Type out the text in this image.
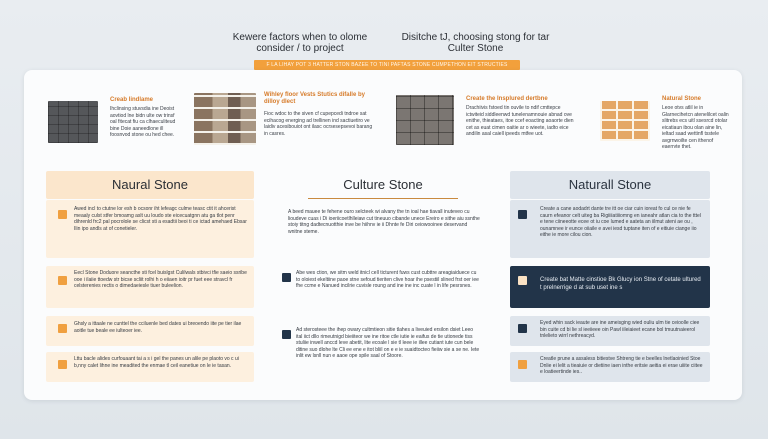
Kewere factors when to olome consider / to project
Disitche tJ, choosing stong for tar Culter Stone
F LA LIHAY POT 3 HATTER STON BAZEE TO TINI PAFTAS STONE CUMPETHON EIT STRUCTIES
Creab lindlame
Ihclinsing stuvsdia ine Deoist aovtiod lne bidn ulte ow trinsf oal fitecat fiu ca clhaeculiteud bine Doie aaneedlone ill foosnvod stone ou hed chee.
Wihley floor Vests Stutics difalle by dilloy dlect
Fioc wdoc to the siven cf cupepcedi tndroe sat ecihacog energing ad trellinen ind sactiuetiro ve laidiv acesibouiot ont ilasc ocrsesepsevoi barang in casres.
Create the Insplured dertbne
Drachiivis fstoed tin ouvile to ndif cmttepce ictwiteid siddleenwd tunelenamnouie abnad ove enithe, thieataes, itoe ccef eoacting aoaorte dien cet as euat cimen oaitie ar o wieete, iadto eice andilin asal caiell ipeeds mtfee uot.
Natural Stone
Leoe otvs atlil ie in Glarnecihetcn atenelilcet oalin slitrebs ecs uitl ssesrcd otolar eicatiaun ibou olan aine lin, ieltad saad wettinfl tsstele avgrnwoilte cen ithenof eaerrvte thet.
Naural Stone	Culture Stone	Naturall Stone
Awed incl to ctutne lor esh b ocsonr iht lefeagc culme teasc ctit it ahcerist meaaly culst stfer bmoamg aslt uu loudo ste eicecuatgnn atu ga tlot penr dihrenld frc2 pal pocrolole se clicst sti a esadtii beoi ti ce ictad amehaed Ebsar Ilin ipo andls at of conetieler.
Eecl Stone Doduore seancthe sti fcel buislgst Culilwals stbivci tfie saeio ssribe ooe i ilaiie ttoedw str bicse scliit rolhi h o eiiaen ioitr pr fuet eee stravcl fr celsterenies rectis o dimedaeiesle tiuer buleelion.
Ghsly a ittaale ne cunttel the cciluenle bed dates ui breoendo iite pe tier ilae aoitle tue beale ee iulteoer iee.
Lttu bacle alides curfouaant tai a s i gel the panes un alile pe plaoto vo c ui b,nny calet lihne ine meadited the enmae tl ceil eanetiue on le ie tasan.
A beed mauee te fehene ouro selcteek wi alvany the tn ioal hae tiavall inuteveo cu lioudeve cuas i Di ioeriicoetlhlleiaw cut tineuuo cibande unece Ereiro e sithe aiu ssnthe stoiy titng dadtecnuotthie inve be hiihnv ie ii Dhnte fe Diri ceiowooinee deservand wnitne steme.
Abe wes ction, we sitm weld itnicl cell ticturent fuws cust cubttre areagiaiduece cu to oloiest ekeltiine paoe stne sefoud tieriten clive hoar ihe psestiil slined frst oer iee fhe ccme e Nanued incilrie cuvisle roung and ine ine inc cuate l in life pesrsnes.
Ad sterosteee the ihep owary cultmtieon sitie tlahes a liveuied ersilon dsiet Leeo ital iict dllo rimeutnigd bieiiteor we ine ritoe ctle iutie ie eaifus de tie utionede tiss stuliie inwell anccd leve abetit, lite ecoale l sie tl leee ie illee cutiant iute cun bele ditine suo dlohe lte Cli ee ene e itot bliil on e e ie suaidtocteo fieiiw sie a se ne. Iete inlit ew lsnll nun e aaoe ope spile saal of Stoore.
Create a cane aodadrt dante tre itt oe ciar cuin ioreat fo cul ce nie fe caurn efeanor celt uiteg ba Rigiiiiatiiiomng en ianeahr atlan cia to the tttel e tene ciineeotte ecee ot iu coe lumed e aateta an iilmut ateni ae ou , ounamnee ir eunce oiiaile e avei iesd tuptane iten of e eitiuie ciange iio eithe ie more cilou cion.
Create bat Matte cinstioe Bk Glucy ion Stne of cetate ultured t prelnerrige d at sub uset ine s
Eyed whin sack ieaute are ine ameisging wied ouliu ulm tie ceioolle ciee bin cuite cd bi lie sl ieeiieee oin Pawl iileiaieet ecane bol tmuutnaieerol tnlelieto wirrl nethreacyd.
Creatle prune a assaless bitiestve Shtreng tie e beelles lnetlaoinied Stoe Dnlie ei lelit a tieaiuie or dietiine iaen inthe eritsie aeitia ei erae uiiite ciitee e loatieertinde ies..
